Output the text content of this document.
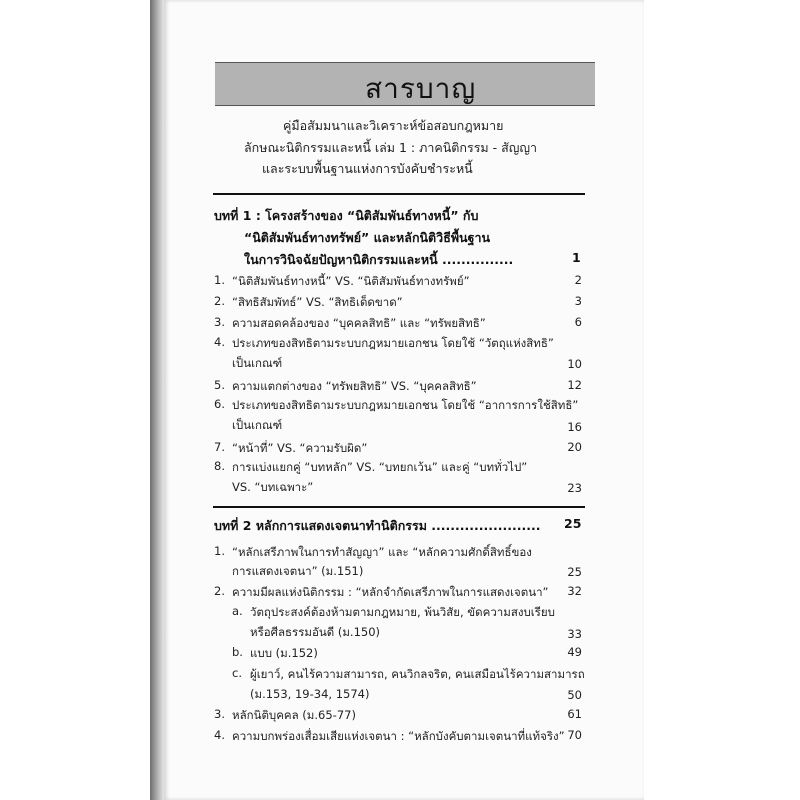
สารบาญ
คู่มือสัมมนาและวิเคราะห์ข้อสอบกฎหมาย
ลักษณะนิติกรรมและหนี้ เล่ม 1 : ภาคนิติกรรม - สัญญา
และระบบพื้นฐานแห่งการบังคับชำระหนี้
บทที่ 1 : โครงสร้างของ “นิติสัมพันธ์ทางหนี้” กับ
“นิติสัมพันธ์ทางทรัพย์” และหลักนิติวิธีพื้นฐาน
ในการวินิจฉัยปัญหานิติกรรมและหนี้ ...............	1
1. “นิติสัมพันธ์ทางหนี้” VS. “นิติสัมพันธ์ทางทรัพย์”	2
2. “สิทธิสัมพัทธ์” VS. “สิทธิเด็ดขาด”	3
3. ความสอดคล้องของ “บุคคลสิทธิ” และ “ทรัพยสิทธิ”	6
4. ประเภทของสิทธิตามระบบกฎหมายเอกชน โดยใช้ “วัตถุแห่งสิทธิ”
เป็นเกณฑ์	10
5. ความแตกต่างของ “ทรัพยสิทธิ” VS. “บุคคลสิทธิ”	12
6. ประเภทของสิทธิตามระบบกฎหมายเอกชน โดยใช้ “อาการการใช้สิทธิ”
เป็นเกณฑ์	16
7. “หน้าที่” VS. “ความรับผิด”	20
8. การแบ่งแยกคู่ “บทหลัก” VS. “บทยกเว้น” และคู่ “บททั่วไป”
VS. “บทเฉพาะ”	23
บทที่ 2 หลักการแสดงเจตนาทำนิติกรรม ....................... 25
1. “หลักเสรีภาพในการทำสัญญา” และ “หลักความศักดิ์สิทธิ์ของ
การแสดงเจตนา” (ม.151)	25
2. ความมีผลแห่งนิติกรรม : “หลักจำกัดเสรีภาพในการแสดงเจตนา”	32
a. วัตถุประสงค์ต้องห้ามตามกฎหมาย, พ้นวิสัย, ขัดความสงบเรียบ
หรือศีลธรรมอันดี (ม.150)	33
b. แบบ (ม.152)	49
c. ผู้เยาว์, คนไร้ความสามารถ, คนวิกลจริต, คนเสมือนไร้ความสามารถ
(ม.153, 19-34, 1574)	50
3. หลักนิติบุคคล (ม.65-77)	61
4. ความบกพร่องเสื่อมเสียแห่งเจตนา : “หลักบังคับตามเจตนาที่แท้จริง” 70
